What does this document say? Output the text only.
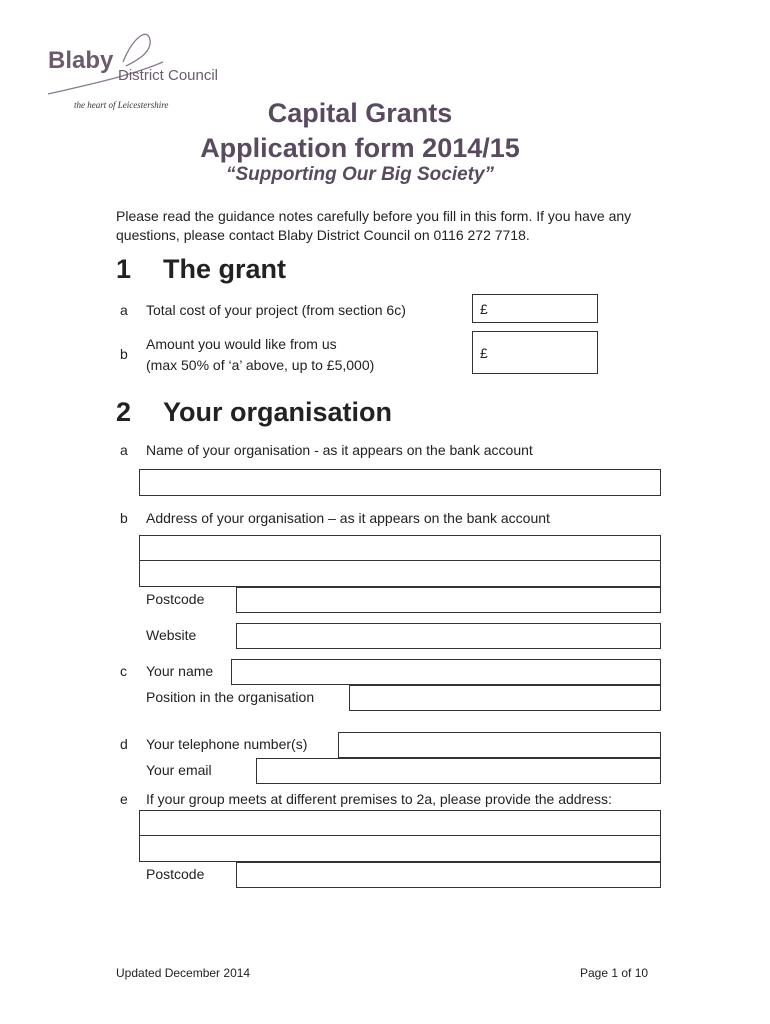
Blaby
District Council
the heart of Leicestershire	Capital Grants
Application form 2014/15
“Supporting Our Big Society”
Please read the guidance notes carefully before you fill in this form. If you have any questions, please contact Blaby District Council on 0116 272 7718.
1 The grant
a Total cost of your project (from section 6c)	£
b
Amount you would like from us
(max 50% of ‘a’ above, up to £5,000)
£
2 Your organisation
a Name of your organisation - as it appears on the bank account
b Address of your organisation – as it appears on the bank account
Postcode
Website
c Your name
Position in the organisation
d Your telephone number(s)
Your email
e If your group meets at different premises to 2a, please provide the address:
Postcode
Updated December 2014	Page 1 of 10
